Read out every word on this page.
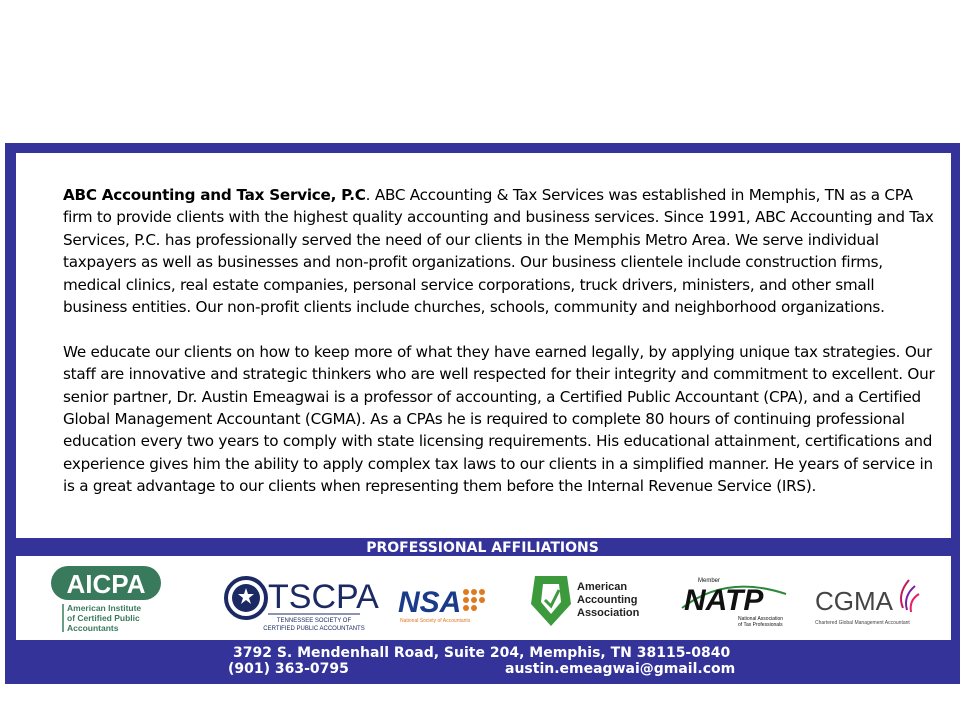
ABC Accounting and Tax Service, P.C. ABC Accounting & Tax Services was established in Memphis, TN as a CPA firm to provide clients with the highest quality accounting and business services. Since 1991, ABC Accounting and Tax Services, P.C. has professionally served the need of our clients in the Memphis Metro Area. We serve individual taxpayers as well as businesses and non-profit organizations. Our business clientele include construction firms, medical clinics, real estate companies, personal service corporations, truck drivers, ministers, and other small business entities. Our non-profit clients include churches, schools, community and neighborhood organizations.

We educate our clients on how to keep more of what they have earned legally, by applying unique tax strategies. Our staff are innovative and strategic thinkers who are well respected for their integrity and commitment to excellent. Our senior partner, Dr. Austin Emeagwai is a professor of accounting, a Certified Public Accountant (CPA), and a Certified Global Management Accountant (CGMA). As a CPAs he is required to complete 80 hours of continuing professional education every two years to comply with state licensing requirements. His educational attainment, certifications and experience gives him the ability to apply complex tax laws to our clients in a simplified manner. He years of service in is a great advantage to our clients when representing them before the Internal Revenue Service (IRS).

PROFESSIONAL AFFILIATIONS
AICPA
American Institute
of Certified Public
Accountants
TSCPA
TENNESSEE SOCIETY OF
CERTIFIED PUBLIC ACCOUNTANTS
NSA
National Society of Accountants
American
Accounting
Association
Member
NATP
National Association
of Tax Professionals
CGMA
Chartered Global Management Accountant
3792 S. Mendenhall Road, Suite 204, Memphis, TN 38115-0840
(901) 363-0795	austin.emeagwai@gmail.com
